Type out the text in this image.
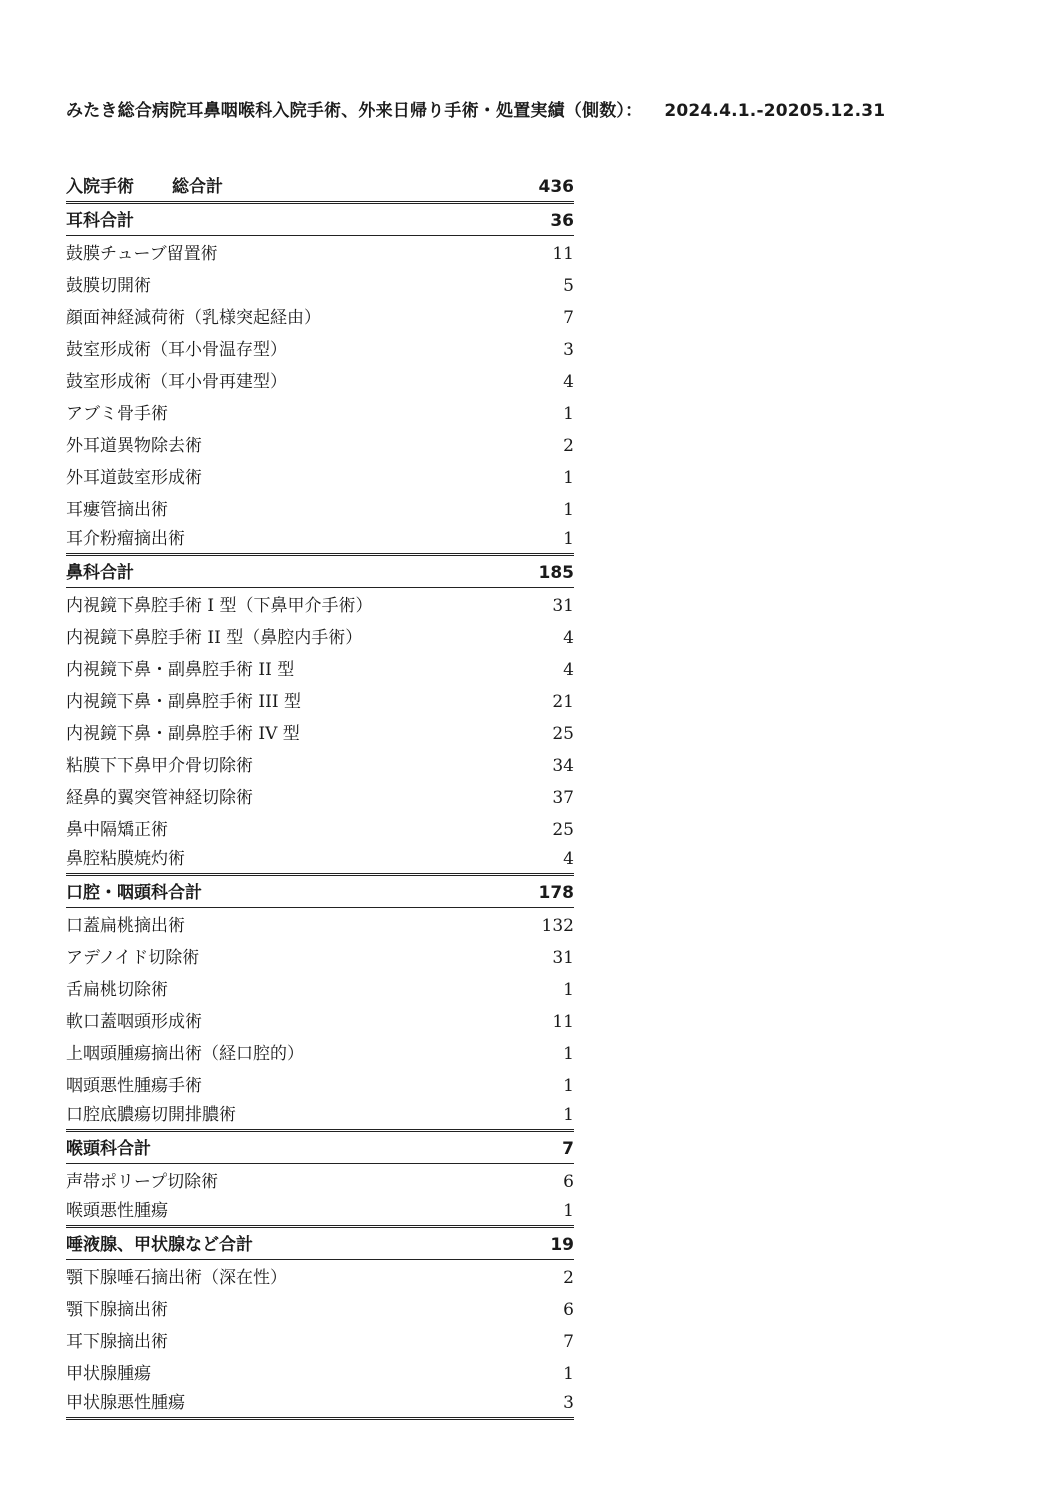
みたき総合病院耳鼻咽喉科入院手術、外来日帰り手術・処置実績（側数）： 2024.4.1.-20205.12.31
入院手術 総合計	436
耳科合計	36
鼓膜チューブ留置術	11
鼓膜切開術	5
顔面神経減荷術（乳様突起経由）	7
鼓室形成術（耳小骨温存型）	3
鼓室形成術（耳小骨再建型）	4
アブミ骨手術	1
外耳道異物除去術	2
外耳道鼓室形成術	1
耳瘻管摘出術	1
耳介粉瘤摘出術	1
鼻科合計	185
内視鏡下鼻腔手術 I 型（下鼻甲介手術）	31
内視鏡下鼻腔手術 II 型（鼻腔内手術）	4
内視鏡下鼻・副鼻腔手術 II 型	4
内視鏡下鼻・副鼻腔手術 III 型	21
内視鏡下鼻・副鼻腔手術 IV 型	25
粘膜下下鼻甲介骨切除術	34
経鼻的翼突管神経切除術	37
鼻中隔矯正術	25
鼻腔粘膜焼灼術	4
口腔・咽頭科合計	178
口蓋扁桃摘出術	132
アデノイド切除術	31
舌扁桃切除術	1
軟口蓋咽頭形成術	11
上咽頭腫瘍摘出術（経口腔的）	1
咽頭悪性腫瘍手術	1
口腔底膿瘍切開排膿術	1
喉頭科合計	7
声帯ポリープ切除術	6
喉頭悪性腫瘍	1
唾液腺、甲状腺など合計	19
顎下腺唾石摘出術（深在性）	2
顎下腺摘出術	6
耳下腺摘出術	7
甲状腺腫瘍	1
甲状腺悪性腫瘍	3
